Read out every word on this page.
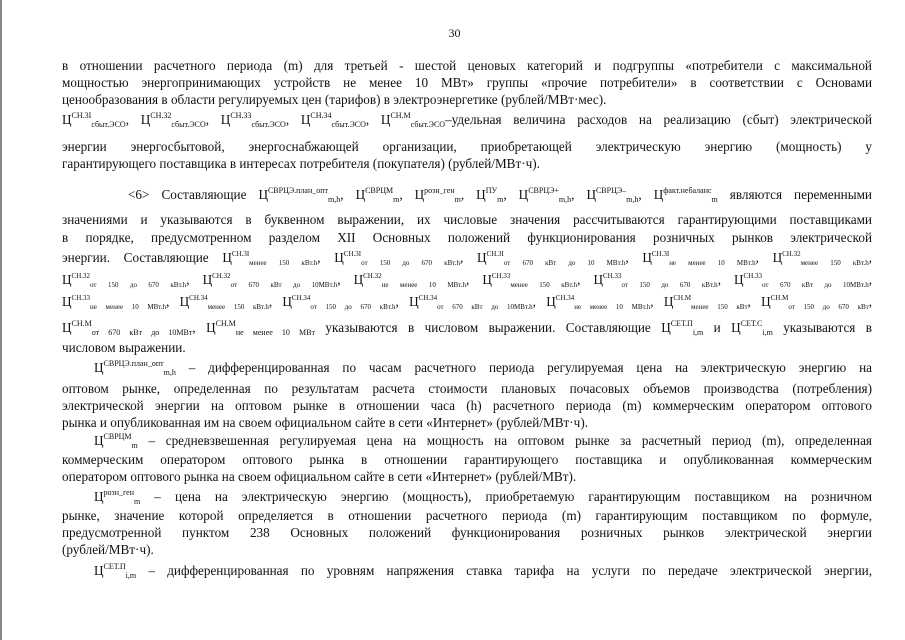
30
в отношении расчетного периода (m) для третьей - шестой ценовых категорий и подгруппы «потребители с максимальной
мощностью энергопринимающих устройств не менее 10 МВт» группы «прочие потребители» в соответствии с Основами
ценообразования в области регулируемых цен (тарифов) в электроэнергетике (рублей/МВт·мес).
$Ц^{СН.3I}_{сбыт.ЭСО}$, $Ц^{СН.32}_{сбыт.ЭСО}$, $Ц^{СН.33}_{сбыт.ЭСО}$, $Ц^{СН.34}_{сбыт.ЭСО}$, $Ц^{СН.М}_{сбыт.ЭСО}$–удельная величина расходов на реализацию (сбыт) электрической
энергии энергосбытовой, энергоснабжающей организации, приобретающей электрическую энергию (мощность) у
гарантирующего поставщика в интересах потребителя (покупателя) (рублей/МВт·ч).
<6> Составляющие $Ц^{СВРЦЭ.план\_опт}_{m,h}$, $Ц^{СВРЦМ}_m$, $Ц^{розн\_ген}_m$, $Ц^{ПУ}_m$, $Ц^{СВРЦЭ+}_{m,h}$, $Ц^{СВРЦЭ-}_{m,h}$, $Ц^{факт.небаланс}_m$ являются переменными
значениями и указываются в буквенном выражении, их числовые значения рассчитываются гарантирующими поставщиками
в порядке, предусмотренном разделом XII Основных положений функционирования розничных рынков электрической
энергии. Составляющие $Ц^{СН.3I}_{менее 150 кВт.h}$, $Ц^{СН.3I}_{от 150 до 670 кВт.h}$, $Ц^{СН.3I}_{от 670 кВт до 10 МВт.h}$, $Ц^{СН.3I}_{не менее 10 МВт.h}$, $Ц^{СН.32}_{менее 150 кВт.h}$,
$Ц^{СН.32}_{от 150 до 670 кВт.h}$, $Ц^{СН.32}_{от 670 кВт до 10МВт.h}$, $Ц^{СН.32}_{не менее 10 МВт.h}$, $Ц^{СН.33}_{менее 150 кВт.h}$, $Ц^{СН.33}_{от 150 до 670 кВт.h}$, $Ц^{СН.33}_{от 670 кВт до 10МВт.h}$,
$Ц^{СН.33}_{не менее 10 МВт.h}$, $Ц^{СН.34}_{менее 150 кВт.h}$, $Ц^{СН.34}_{от 150 до 670 кВт.h}$, $Ц^{СН.34}_{от 670 кВт до 10МВт.h}$, $Ц^{СН.34}_{не менее 10 МВт.h}$, $Ц^{СН.М}_{менее 150 кВт}$, $Ц^{СН.М}_{от 150 до 670 кВт}$,
$Ц^{СН.М}_{от 670 кВт до 10МВт}$, $Ц^{СН.М}_{не менее 10 МВт}$ указываются в числовом выражении. Составляющие $Ц^{СЕТ.П}_{i,m}$ и $Ц^{СЕТ.С}_{i,m}$ указываются в
числовом выражении.
$Ц^{СВРЦЭ.план\_опт}_{m,h}$ – дифференцированная по часам расчетного периода регулируемая цена на электрическую энергию на
оптовом рынке, определенная по результатам расчета стоимости плановых почасовых объемов производства (потребления)
электрической энергии на оптовом рынке в отношении часа (h) расчетного периода (m) коммерческим оператором оптового
рынка и опубликованная им на своем официальном сайте в сети «Интернет» (рублей/МВт·ч).
$Ц^{СВРЦМ}_m$ – средневзвешенная регулируемая цена на мощность на оптовом рынке за расчетный период (m), определенная
коммерческим оператором оптового рынка в отношении гарантирующего поставщика и опубликованная коммерческим
оператором оптового рынка на своем официальном сайте в сети «Интернет» (рублей/МВт).
$Ц^{розн\_ген}_m$ – цена на электрическую энергию (мощность), приобретаемую гарантирующим поставщиком на розничном
рынке, значение которой определяется в отношении расчетного периода (m) гарантирующим поставщиком по формуле,
предусмотренной пунктом 238 Основных положений функционирования розничных рынков электрической энергии
(рублей/МВт·ч).
$Ц^{СЕТ.П}_{i,m}$ – дифференцированная по уровням напряжения ставка тарифа на услуги по передаче электрической энергии,
